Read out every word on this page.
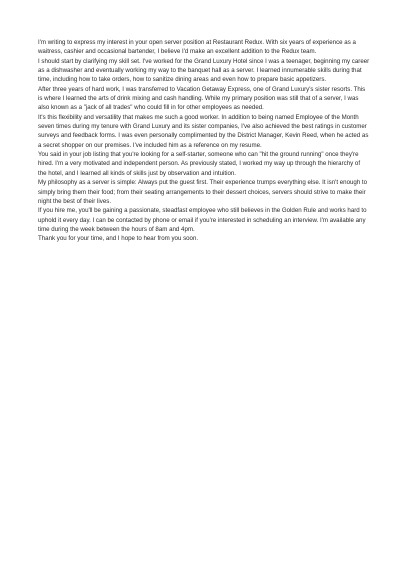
I'm writing to express my interest in your open server position at Restaurant Redux. With six years of experience as a waitress, cashier and occasional bartender, I believe I'd make an excellent addition to the Redux team.

I should start by clarifying my skill set. I've worked for the Grand Luxury Hotel since I was a teenager, beginning my career as a dishwasher and eventually working my way to the banquet hall as a server. I learned innumerable skills during that time, including how to take orders, how to sanitize dining areas and even how to prepare basic appetizers.

After three years of hard work, I was transferred to Vacation Getaway Express, one of Grand Luxury's sister resorts. This is where I learned the arts of drink mixing and cash handling. While my primary position was still that of a server, I was also known as a "jack of all trades" who could fill in for other employees as needed.

It's this flexibility and versatility that makes me such a good worker. In addition to being named Employee of the Month seven times during my tenure with Grand Luxury and its sister companies, I've also achieved the best ratings in customer surveys and feedback forms. I was even personally complimented by the District Manager, Kevin Reed, when he acted as a secret shopper on our premises. I've included him as a reference on my resume.

You said in your job listing that you're looking for a self-starter, someone who can "hit the ground running" once they're hired. I'm a very motivated and independent person. As previously stated, I worked my way up through the hierarchy of the hotel, and I learned all kinds of skills just by observation and intuition.

My philosophy as a server is simple: Always put the guest first. Their experience trumps everything else. It isn't enough to simply bring them their food; from their seating arrangements to their dessert choices, servers should strive to make their night the best of their lives.

If you hire me, you'll be gaining a passionate, steadfast employee who still believes in the Golden Rule and works hard to uphold it every day. I can be contacted by phone or email if you're interested in scheduling an interview. I'm available any time during the week between the hours of 8am and 4pm.

Thank you for your time, and I hope to hear from you soon.
